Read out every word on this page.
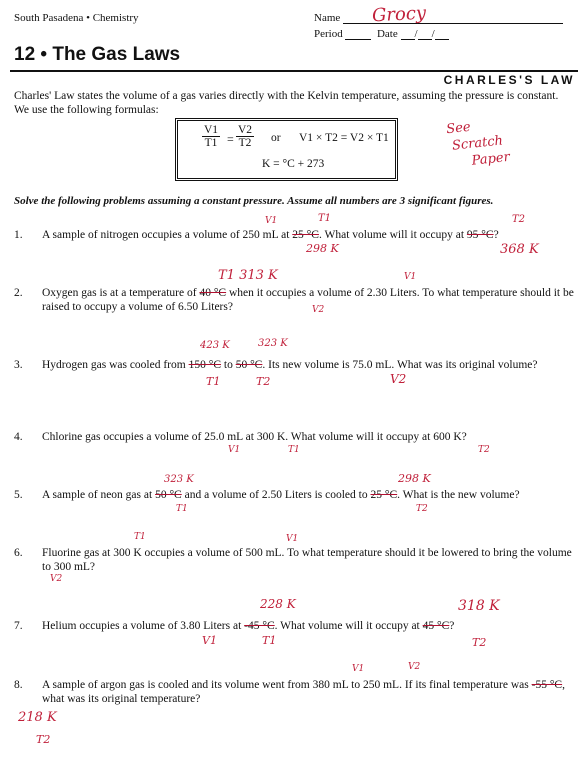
South Pasadena • Chemistry	Name	Grocy
Period	Date / /
12 • The Gas Laws
CHARLES'S LAW
Charles' Law states the volume of a gas varies directly with the Kelvin temperature, assuming the pressure is constant. We use the following formulas:
$\frac{V1}{T1} = \frac{V2}{T2}$ or V1 × T2 = V2 × T1
K = °C + 273
See
Scratch
Paper
Solve the following problems assuming a constant pressure. Assume all numbers are 3 significant figures.
1. A sample of nitrogen occupies a volume of 250 mL at 25 °C. What volume will it occupy at 95 °C?
2. Oxygen gas is at a temperature of 40 °C when it occupies a volume of 2.30 Liters. To what temperature should it be raised to occupy a volume of 6.50 Liters?
3. Hydrogen gas was cooled from 150 °C to 50 °C. Its new volume is 75.0 mL. What was its original volume?
4. Chlorine gas occupies a volume of 25.0 mL at 300 K. What volume will it occupy at 600 K?
5. A sample of neon gas at 50 °C and a volume of 2.50 Liters is cooled to 25 °C. What is the new volume?
6. Fluorine gas at 300 K occupies a volume of 500 mL. To what temperature should it be lowered to bring the volume to 300 mL?
7. Helium occupies a volume of 3.80 Liters at -45 °C. What volume will it occupy at 45 °C?
8. A sample of argon gas is cooled and its volume went from 380 mL to 250 mL. If its final temperature was -55 °C, what was its original temperature?
V1	T1
298 K
T2
368 K
T1 313 K	V1
V2
423 K	323 K
T1	T2	V2
V1	T1	T2
323 K	298 K
T1	T2
T1	V1
V2
228 K	318 K
V1	T1	T2
V1	V2
218 K
T2
